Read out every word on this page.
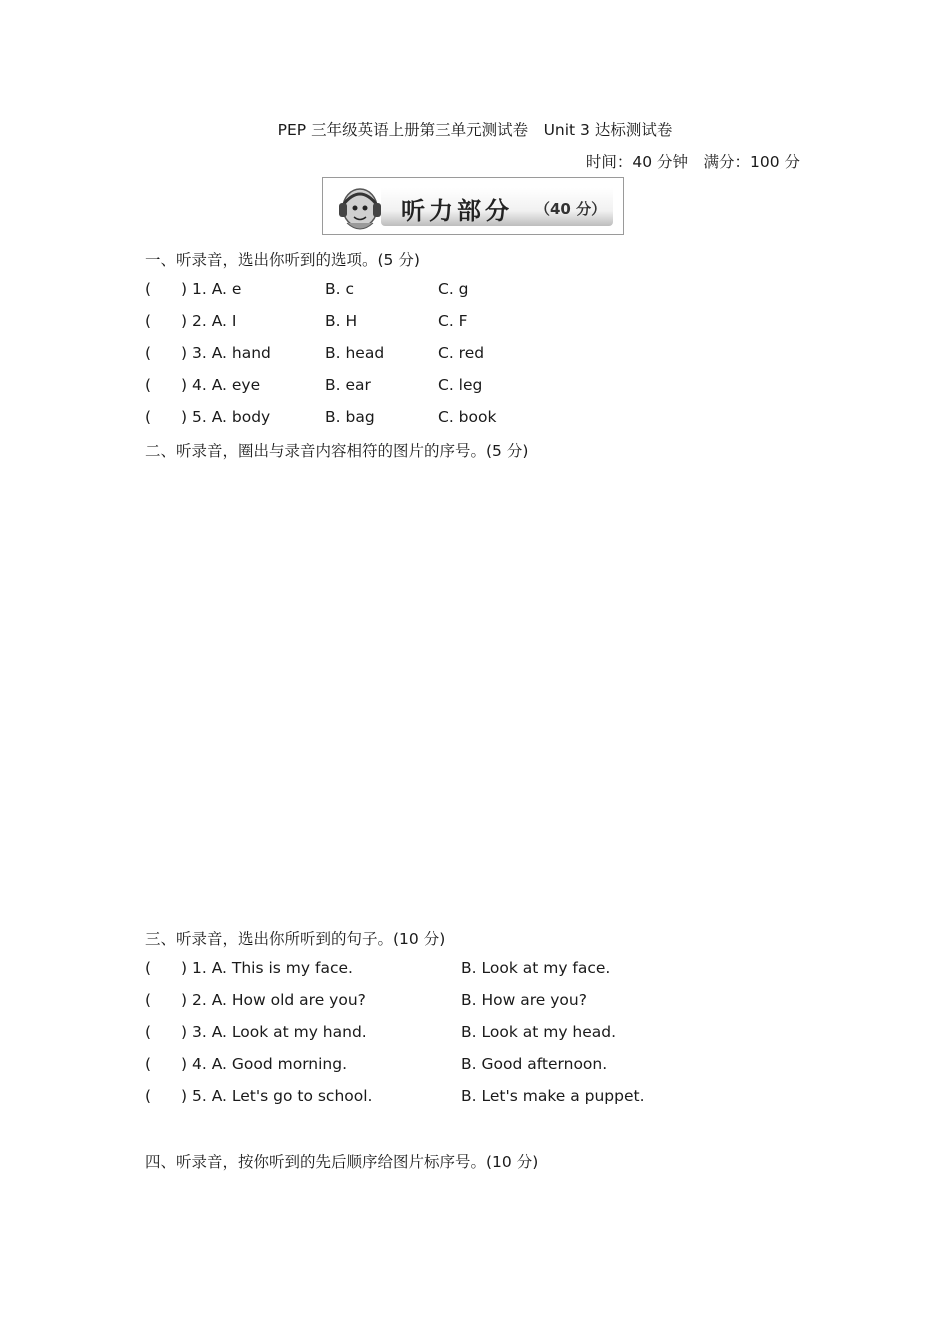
PEP 三年级英语上册第三单元测试卷　Unit 3 达标测试卷
时间：40 分钟　满分：100 分
听力部分 （40 分）
一、听录音，选出你听到的选项。(5 分)
( ) 1. A. e	B. c	C. g
( ) 2. A. I	B. H	C. F
( ) 3. A. hand	B. head	C. red
( ) 4. A. eye	B. ear	C. leg
( ) 5. A. body	B. bag	C. book
二、听录音，圈出与录音内容相符的图片的序号。(5 分)
三、听录音，选出你所听到的句子。(10 分)
( ) 1. A. This is my face.	B. Look at my face.
( ) 2. A. How old are you?	B. How are you?
( ) 3. A. Look at my hand.	B. Look at my head.
( ) 4. A. Good morning.	B. Good afternoon.
( ) 5. A. Let's go to school.	B. Let's make a puppet.
四、听录音，按你听到的先后顺序给图片标序号。(10 分)
